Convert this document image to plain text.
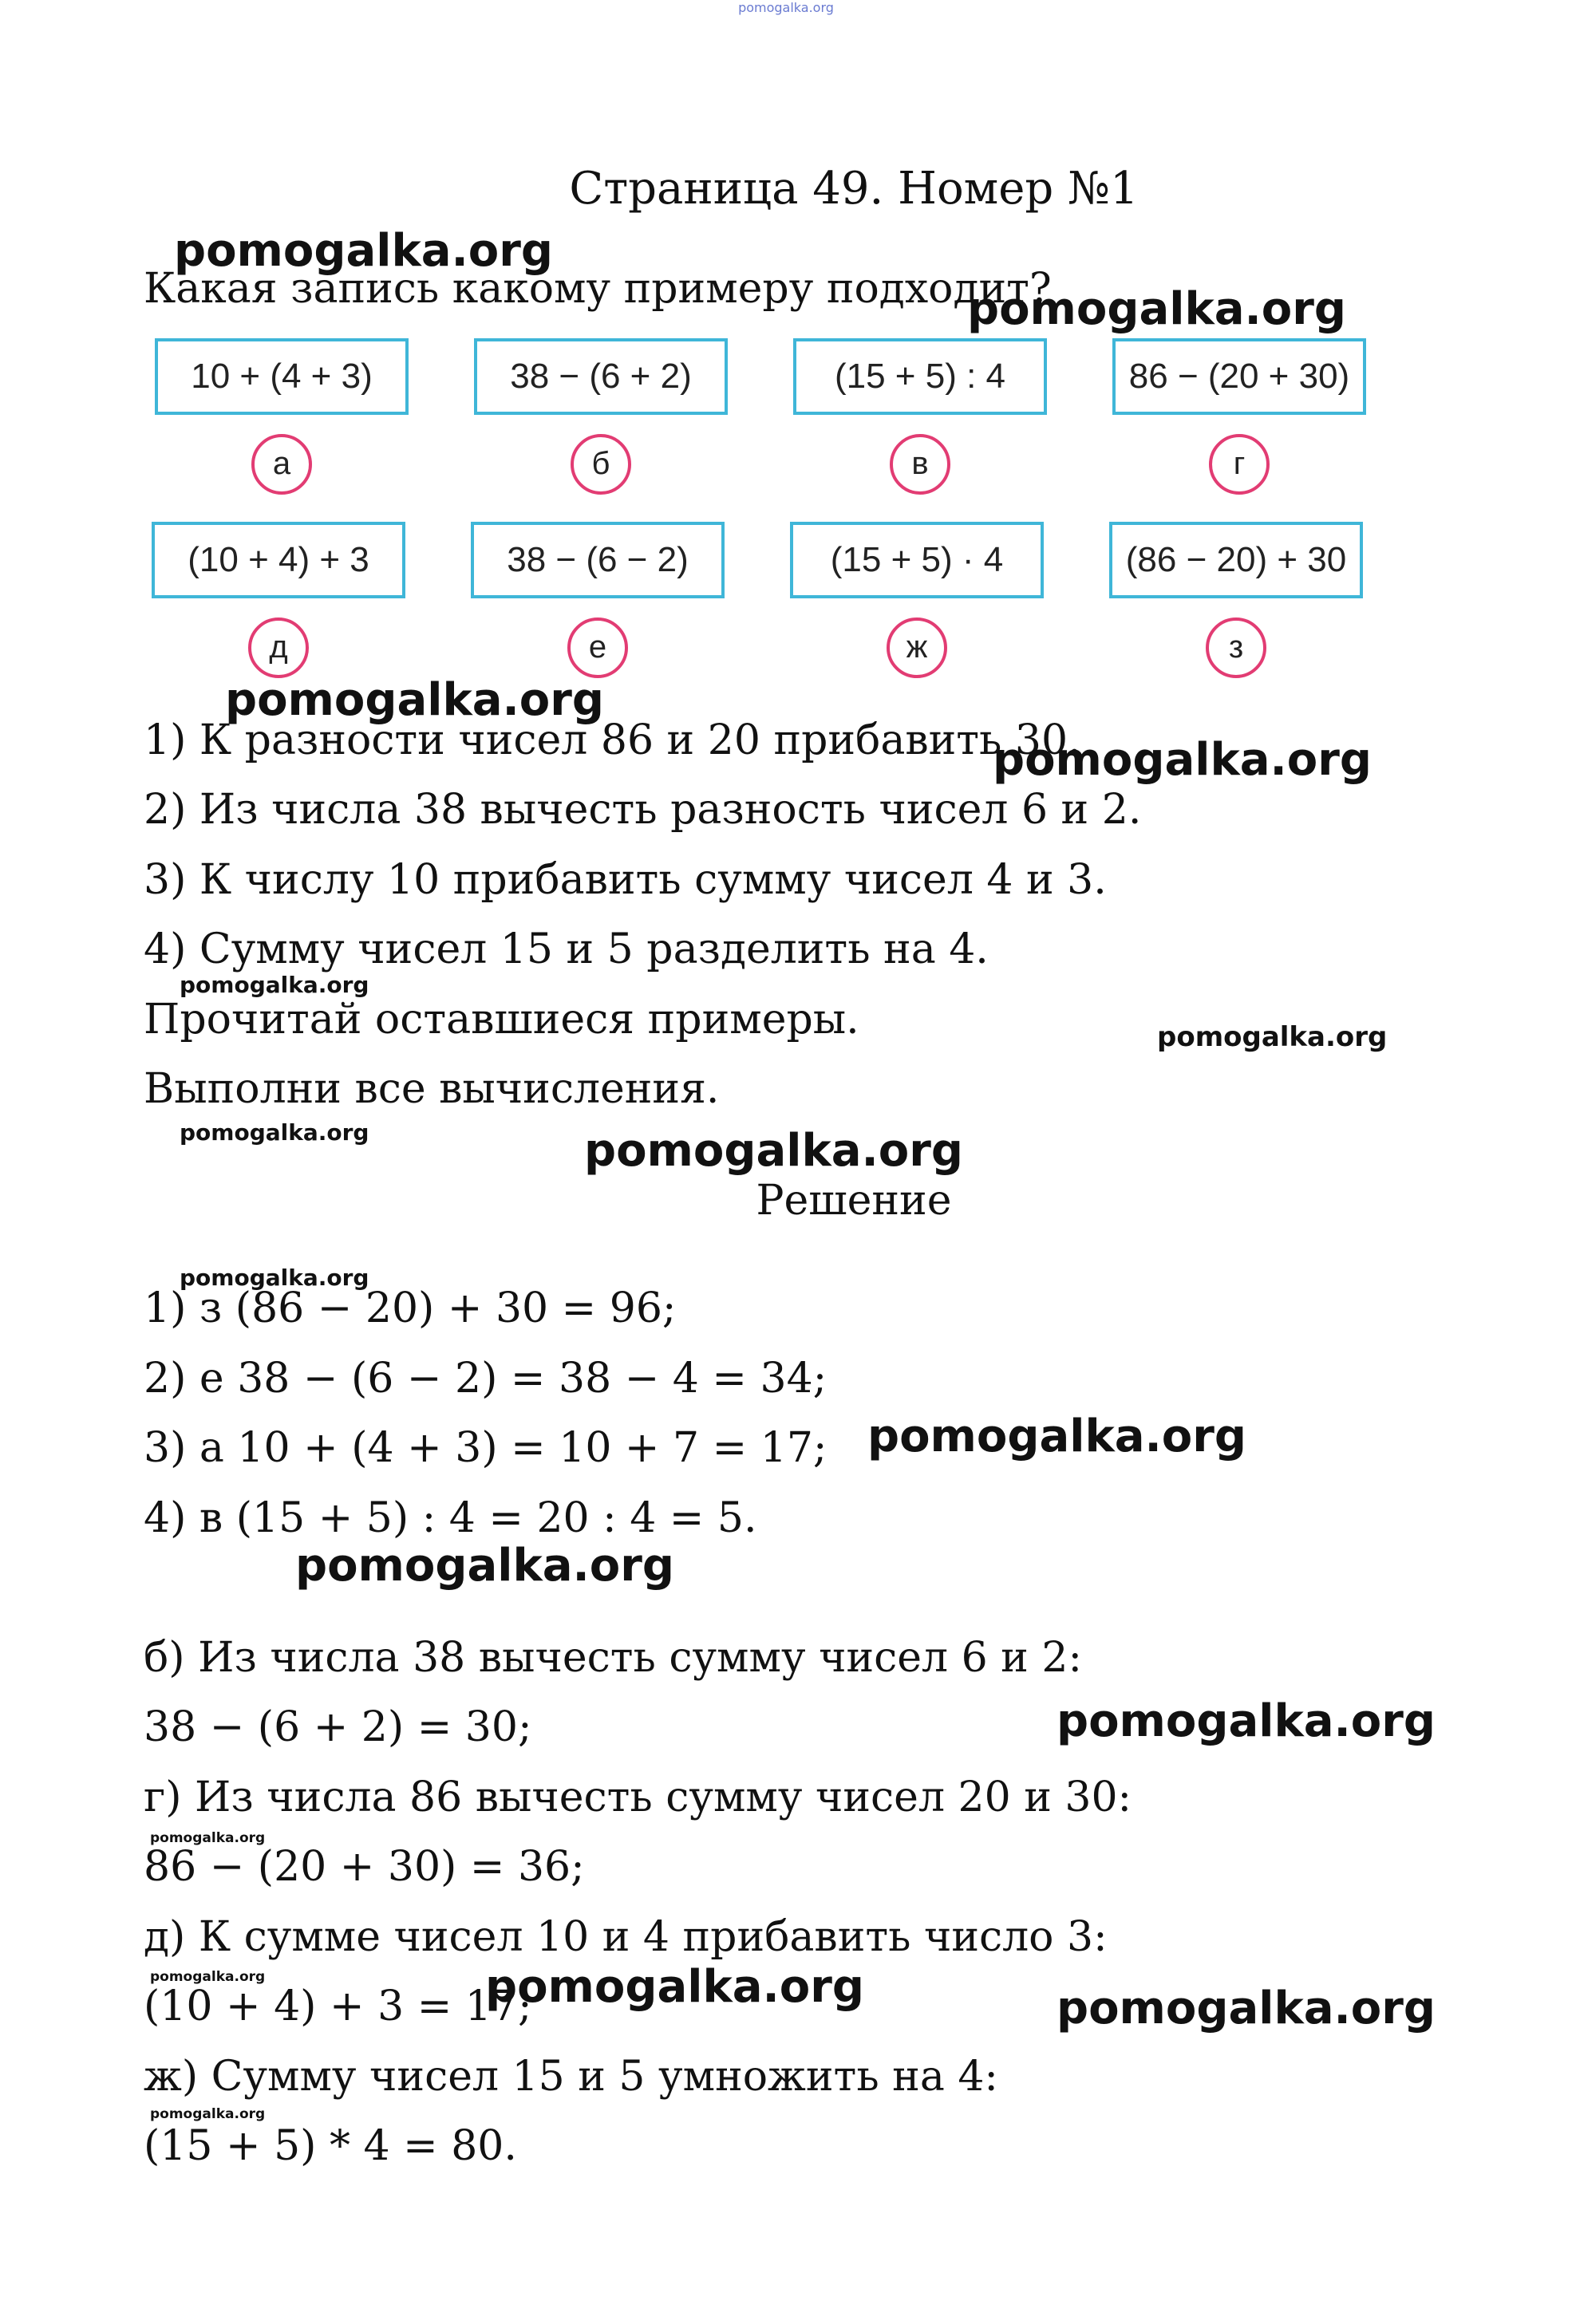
pomogalka.org
Страница 49. Номер №1
Какая запись какому примеру подходит?
10 + (4 + 3)	38 − (6 + 2)	(15 + 5) : 4	86 − (20 + 30)
а	б	в	г
(10 + 4) + 3	38 − (6 − 2)	(15 + 5) · 4	(86 − 20) + 30
д	е	ж	з
1) К разности чисел 86 и 20 прибавить 30.
2) Из числа 38 вычесть разность чисел 6 и 2.
3) К числу 10 прибавить сумму чисел 4 и 3.
4) Сумму чисел 15 и 5 разделить на 4.
Прочитай оставшиеся примеры.
Выполни все вычисления.
Решение
1) з (86 − 20) + 30 = 96;
2) е 38 − (6 − 2) = 38 − 4 = 34;
3) а 10 + (4 + 3) = 10 + 7 = 17;
4) в (15 + 5) : 4 = 20 : 4 = 5.
б) Из числа 38 вычесть сумму чисел 6 и 2:
38 − (6 + 2) = 30;
г) Из числа 86 вычесть сумму чисел 20 и 30:
86 − (20 + 30) = 36;
д) К сумме чисел 10 и 4 прибавить число 3:
(10 + 4) + 3 = 17;
ж) Сумму чисел 15 и 5 умножить на 4:
(15 + 5) * 4 = 80.
pomogalka.org
pomogalka.org
pomogalka.org
pomogalka.org
pomogalka.org
pomogalka.org
pomogalka.org	pomogalka.org
pomogalka.org
pomogalka.org
pomogalka.org
pomogalka.org
pomogalka.org
pomogalka.org	pomogalka.org	pomogalka.org
pomogalka.org
